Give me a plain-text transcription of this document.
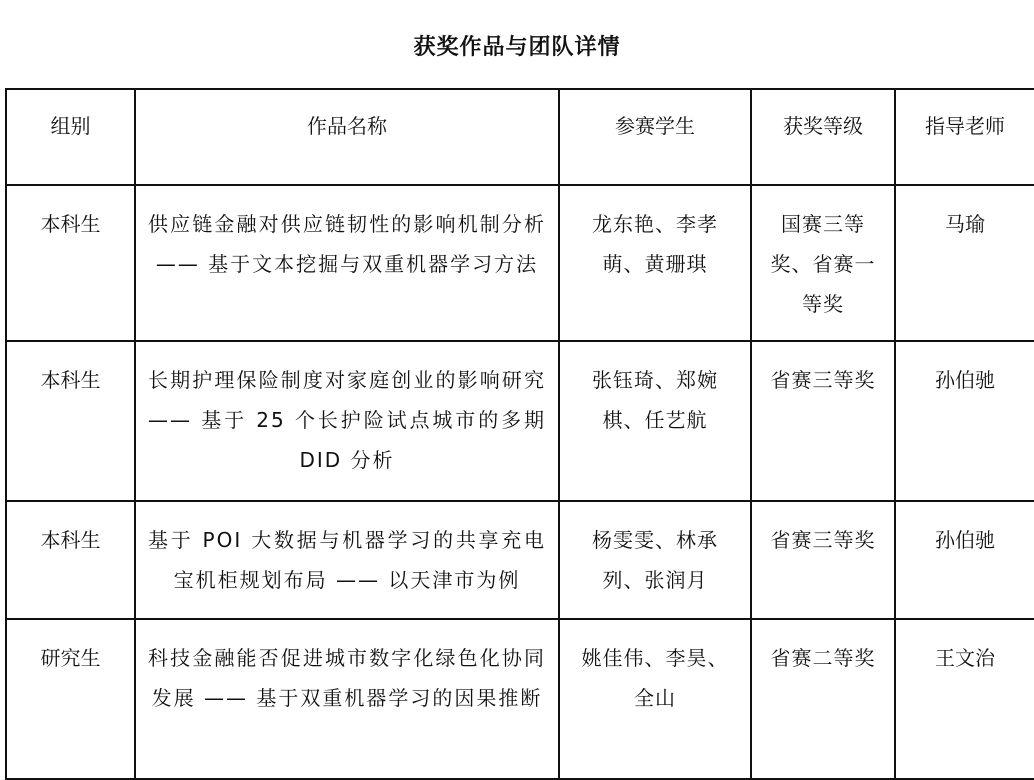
获奖作品与团队详情
组别	作品名称	参赛学生	获奖等级	指导老师
本科生	供应链金融对供应链韧性的影响机制分析 —— 基于文本挖掘与双重机器学习方法	龙东艳、李孝萌、黄珊琪	国赛三等奖、省赛一等奖	马瑜
本科生	长期护理保险制度对家庭创业的影响研究 —— 基于 25 个长护险试点城市的多期 DID 分析	张钰琦、郑婉棋、任艺航	省赛三等奖	孙伯驰
本科生	基于 POI 大数据与机器学习的共享充电宝机柜规划布局 —— 以天津市为例	杨雯雯、林承列、张润月	省赛三等奖	孙伯驰
研究生	科技金融能否促进城市数字化绿色化协同发展 —— 基于双重机器学习的因果推断	姚佳伟、李昊、全山	省赛二等奖	王文治
